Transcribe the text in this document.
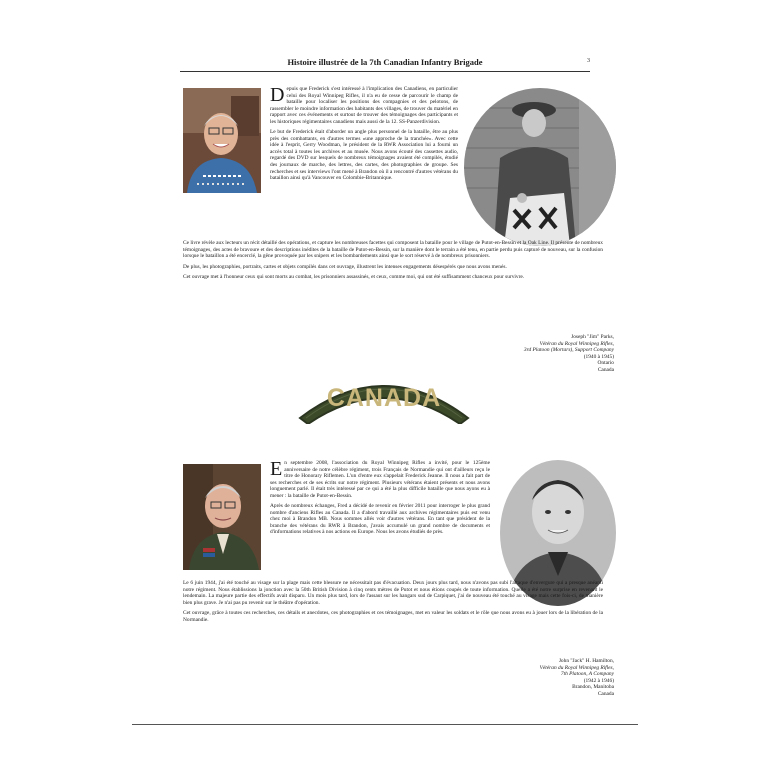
Histoire illustrée de la 7th Canadian Infantry Brigade	3

Depuis que Frederick s'est intéressé à l'implication des Canadiens, en particulier celui des Royal Winnipeg Rifles, il n'a eu de cesse de parcourir le champ de bataille pour localiser les positions des compagnies et des pelotons, de rassembler le moindre information des habitants des villages, de trouver du matériel en rapport avec ces événements et surtout de trouver des témoignages des participants et les historiques régimentaires canadiens mais aussi de la 12. SS-Panzerdivision.

Le but de Frederick était d'aborder un angle plus personnel de la bataille, être au plus près des combattants, en d'autres termes «une approche de la tranchée». Avec cette idée à l'esprit, Gerry Woodman, le président de la RWR Association lui a fourni un accès total à toutes les archives et au musée. Nous avons écouté des cassettes audio, regardé des DVD sur lesquels de nombreux témoignages avaient été compilés, étudié des journaux de marche, des lettres, des cartes, des photographies de groupe. Ses recherches et ses interviews l'ont mené à Brandon où il a rencontré d'autres vétérans du bataillon ainsi qu'à Vancouver en Colombie-Britannique.

Ce livre révèle aux lecteurs un récit détaillé des opérations, et capture les nombreuses facettes qui composent la bataille pour le village de Putot-en-Bessin et la Oak Line. Il présente de nombreux témoignages, des actes de bravoure et des descriptions inédites de la bataille de Putot-en-Bessin, sur la manière dont le terrain a été tenu, en partie perdu puis capturé de nouveau, sur la confusion lorsque le bataillon a été encerclé, la gêne provoquée par les snipers et les bombardements ainsi que le sort réservé à de nombreux prisonniers.

De plus, les photographies, portraits, cartes et objets compilés dans cet ouvrage, illustrent les intenses engagements désespérés que nous avons menés.

Cet ouvrage met à l'honneur ceux qui sont morts au combat, les prisonniers assassinés, et ceux, comme moi, qui ont été suffisamment chanceux pour survivre.

Joseph "Jim" Parks,
Vétéran du Royal Winnipeg Rifles,
3rd Platoon (Mortars), Support Company
(1940 à 1945)
Ontario
Canada
CANADA

En septembre 2008, l'association du Royal Winnipeg Rifles a invité, pour le 125ème anniversaire de notre célèbre régiment, trois Français de Normandie qui ont d'ailleurs reçu le titre de Honorary Riflemen. L'un d'entre eux s'appelait Frederick Jeanne. Il nous a fait part de ses recherches et de ses écrits sur notre régiment. Plusieurs vétérans étaient présents et nous avons longuement parlé. Il était très intéressé par ce qui a été la plus difficile bataille que nous ayons eu à mener : la bataille de Putot-en-Bessin.

Après de nombreux échanges, Fred a décidé de revenir en février 2011 pour interroger le plus grand nombre d'anciens Rifles au Canada. Il a d'abord travaillé aux archives régimentaires puis est venu chez moi à Brandon MB. Nous sommes allés voir d'autres vétérans. En tant que président de la branche des vétérans du RWR à Brandon, j'avais accumulé un grand nombre de documents et d'informations relatives à nos actions en Europe. Nous les avons étudiés de près.

Le 6 juin 1944, j'ai été touché au visage sur la plage mais cette blessure ne nécessitait pas d'évacuation. Deux jours plus tard, nous n'avons pas subi l'attaque d'envergure qui a presque anéanti notre régiment. Nous établissions la jonction avec la 50th British Division à cinq cents mètres de Putot et nous étions coupés de toute information. Quelle a été notre surprise en revenant le lendemain. La majeure partie des effectifs avait disparu. Un mois plus tard, lors de l'assaut sur les hangars sud de Carpiquet, j'ai de nouveau été touché au visage mais cette fois-ci, de manière bien plus grave. Je n'ai pas pu revenir sur le théâtre d'opération.

Cet ouvrage, grâce à toutes ces recherches, ces détails et anecdotes, ces photographies et ces témoignages, met en valeur les soldats et le rôle que nous avons eu à jouer lors de la libération de la Normandie.

John "Jack" H. Hamilton,
Vétéran du Royal Winnipeg Rifles,
7th Platoon, A Company
(1942 à 1946)
Brandon, Manitoba
Canada
